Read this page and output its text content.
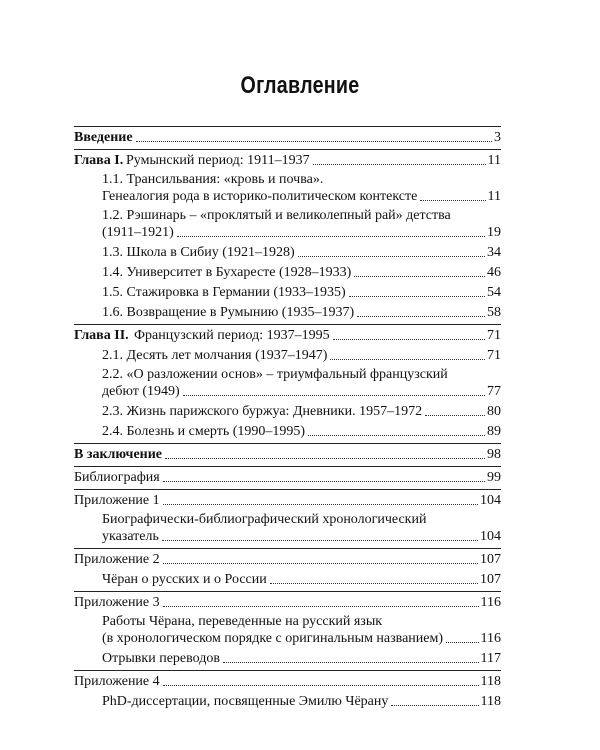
Оглавление
Введение	3
Глава I. Румынский период: 1911–1937	11
1.1. Трансильвания: «кровь и почва».
Генеалогия рода в историко-политическом контексте	11
1.2. Рэшинарь – «проклятый и великолепный рай» детства
(1911–1921)	19
1.3. Школа в Сибиу (1921–1928)	34
1.4. Университет в Бухаресте (1928–1933)	46
1.5. Стажировка в Германии (1933–1935)	54
1.6. Возвращение в Румынию (1935–1937)	58
Глава II. Французский период: 1937–1995	71
2.1. Десять лет молчания (1937–1947)	71
2.2. «О разложении основ» – триумфальный французский
дебют (1949)	77
2.3. Жизнь парижского буржуа: Дневники. 1957–1972	80
2.4. Болезнь и смерть (1990–1995)	89
В заключение	98
Библиография	99
Приложение 1	104
Биографически-библиографический хронологический
указатель	104
Приложение 2	107
Чёран о русских и о России	107
Приложение 3	116
Работы Чёрана, переведенные на русский язык
(в хронологическом порядке с оригинальным названием)	116
Отрывки переводов	117
Приложение 4	118
PhD-диссертации, посвященные Эмилю Чёрану	118
